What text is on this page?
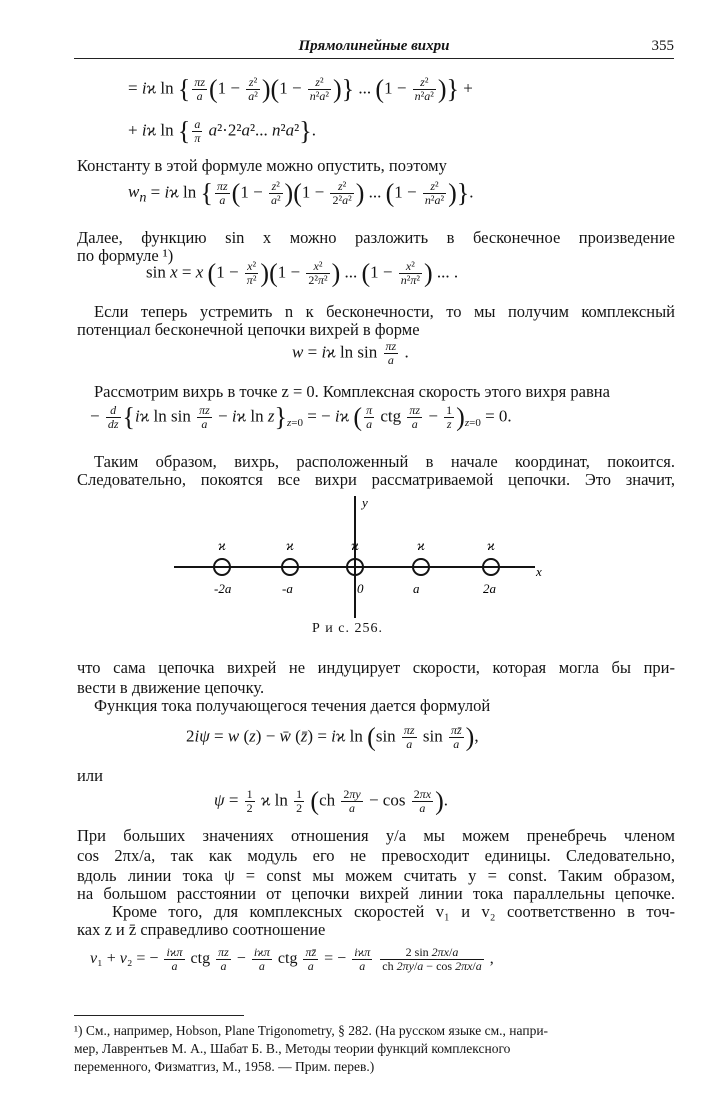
Прямолинейные вихри	355
= iϰ ln { $\frac{\pi z}{a} (1 - \frac{\text{z²}}{\text{a²}} )(1 - \frac{\text{z²}}{\text{n²a²}}$ )} ... ($1 - \frac{\text{z²}}{\text{n²a²}}$ )} +
+ iϰ ln { $\frac{a}{\pi} a^2\cdot 2^2a^2$... n²a²}.
Константу в этой формуле можно опустить, поэтому
$w_n = iϰ$ ln { $\frac{\pi z}{a} (1 - \frac{\text{z²}}{\text{a²}} )(1 - \frac{\text{z²}}{\text{2²a²}}$ ) ... ($1 - \frac{\text{z²}}{\text{n²a²}}$ )}.
Далее, функцию sin x можно разложить в бесконечное произведение
по формуле ¹)
sin x = x $(1 - \frac{\text{x²}}{\text{π²}} )(1 - \frac{\text{x²}}{\text{2²π²}}$ ) ... ($1 - \frac{\text{x²}}{\text{n²π²}}$ ) ... .
Если теперь устремить n к бесконечности, то мы получим комплексный
потенциал бесконечной цепочки вихрей в форме
w = iϰ $\ln \sin \frac{\pi z}{a}$ .
Рассмотрим вихрь в точке z = 0. Комплексная скорость этого вихря равна
− $\frac{d}{dz} \{iϰ$ $\ln \sin \frac{\pi z}{a} - iϰ$ $\ln z\}_{z=0}$ = − iϰ ( $\frac{\pi}{a}$ ctg $\frac{\pi z}{a} - \frac{1}{z} )_{z=0} = 0$.
Таким образом, вихрь, расположенный в начале координат, покоится.
Следовательно, покоятся все вихри рассматриваемой цепочки. Это значит,
y
x
ϰ
-2a
ϰ
-a
ϰ
0
ϰ
a
ϰ
2a
Р и с. 256.
что сама цепочка вихрей не индуцирует скорости, которая могла бы при-
вести в движение цепочку.
Функция тока получающегося течения дается формулой
2iψ = w (z) − w̄ (z̄) = iϰ $\ln (\sin \frac{\pi z}{a}$ $\sin \frac{\pi z̄}{a}$ ),
или
$\psi = \frac{1}{2}$ ϰ $\ln \frac{1}{2} (ch \frac{2\pi y}{a} - \cos \frac{2\pi x}{a}$ ).
При больших значениях отношения y/a мы можем пренебречь членом
cos 2πx/a, так как модуль его не превосходит единицы. Следовательно,
вдоль линии тока ψ = const мы можем считать y = const. Таким образом,
на большом расстоянии от цепочки вихрей линии тока параллельны цепочке.
Кроме того, для комплексных скоростей v₁ и v₂ соответственно в точ-
ках z и z̄ справедливо соотношение
v₁ + v₂ = − $\frac{\text{iϰπ}}{a}$ ctg $\frac{\pi z}{a} - \frac{\text{iϰπ}}{a}$ ctg $\frac{\pi z̄}{a}$ = − $\frac{\text{iϰπ}}{a}$
$\frac{2 \sin 2\pi x/a}{ch 2\pi y/a - \cos 2\pi x/a}$ ,
¹) См., например, Hobson, Plane Trigonometry, § 282. (На русском языке см., напри-
мер, Лаврентьев М. А., Шабат Б. В., Методы теории функций комплексного
переменного, Физматгиз, М., 1958. — Прим. перев.)
